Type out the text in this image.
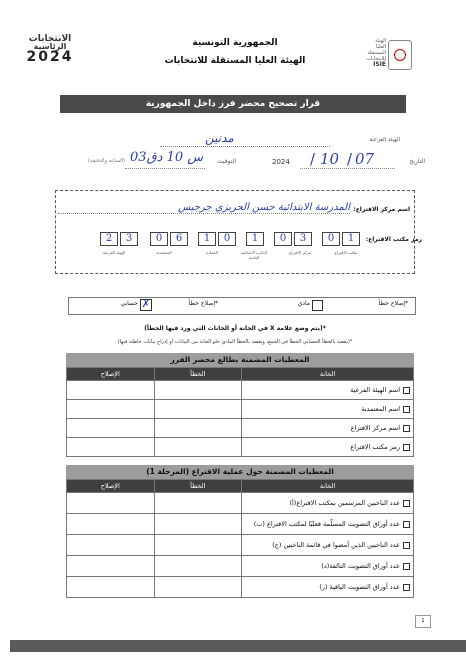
الانتخابات
الرئاسية
2024
الهيئة
العليا
المستقلة
للانتخابات
ISIE
الجمهورية التونسية
الهيئة العليا المستقلة للانتخابات
قرار تصحيح محضر فرز داخل الجمهورية
الهيئة الفرعية
مدنين
التاريخ
07
/
10
/
2024
التوقيت
03ﺱ 10 دق
(الساعة والدقيقة)
اسم مركز الاقتراع:
المدرسة الابتدائية حسن الحريزي جرجيس
رمز مكتب الاقتراع:
1
0
3
0
1
0
1
6
0
3
2
مكتب الاقتراع
مركز الاقتراع
الدائرة الانتخابية البلدية
العمادة
المعتمدية
الهيئة الفرعية
*إصلاح خطأ
مادي
*إصلاح خطأ
✗
حسابي
*(يتم وضع علامة X في الخانة أو الخانات التي ورد فيها الخطأ)
*(يقصد بالخطأ الحسابي الخطأ في الجمع، ويقصد بالخطأ المادي خلو الخانة من البيانات أو إدراج بيانات خاطئة فيها)
المعطيات المضمنة بطالع محضر الفرز
الخانة	الخطأ	الإصلاح
اسم الهيئة الفرعية		
اسم المعتمدية		
اسم مركز الاقتراع		
رمز مكتب الاقتراع		
المعطيات المضمنة حول عملية الاقتراع (المرحلة 1)
الخانة	الخطأ	الإصلاح
عدد الناخبين المرسمين بمكتب الاقتراع(أ)		
عدد أوراق التصويت المسلّمة فعليّا لمكتب الاقتراع (ب)		
عدد الناخبين الذين أمضوا في قائمة الناخبين (ج)		
عدد أوراق التصويت التالفة(د)		
عدد أوراق التصويت الباقية (ر)		
1
